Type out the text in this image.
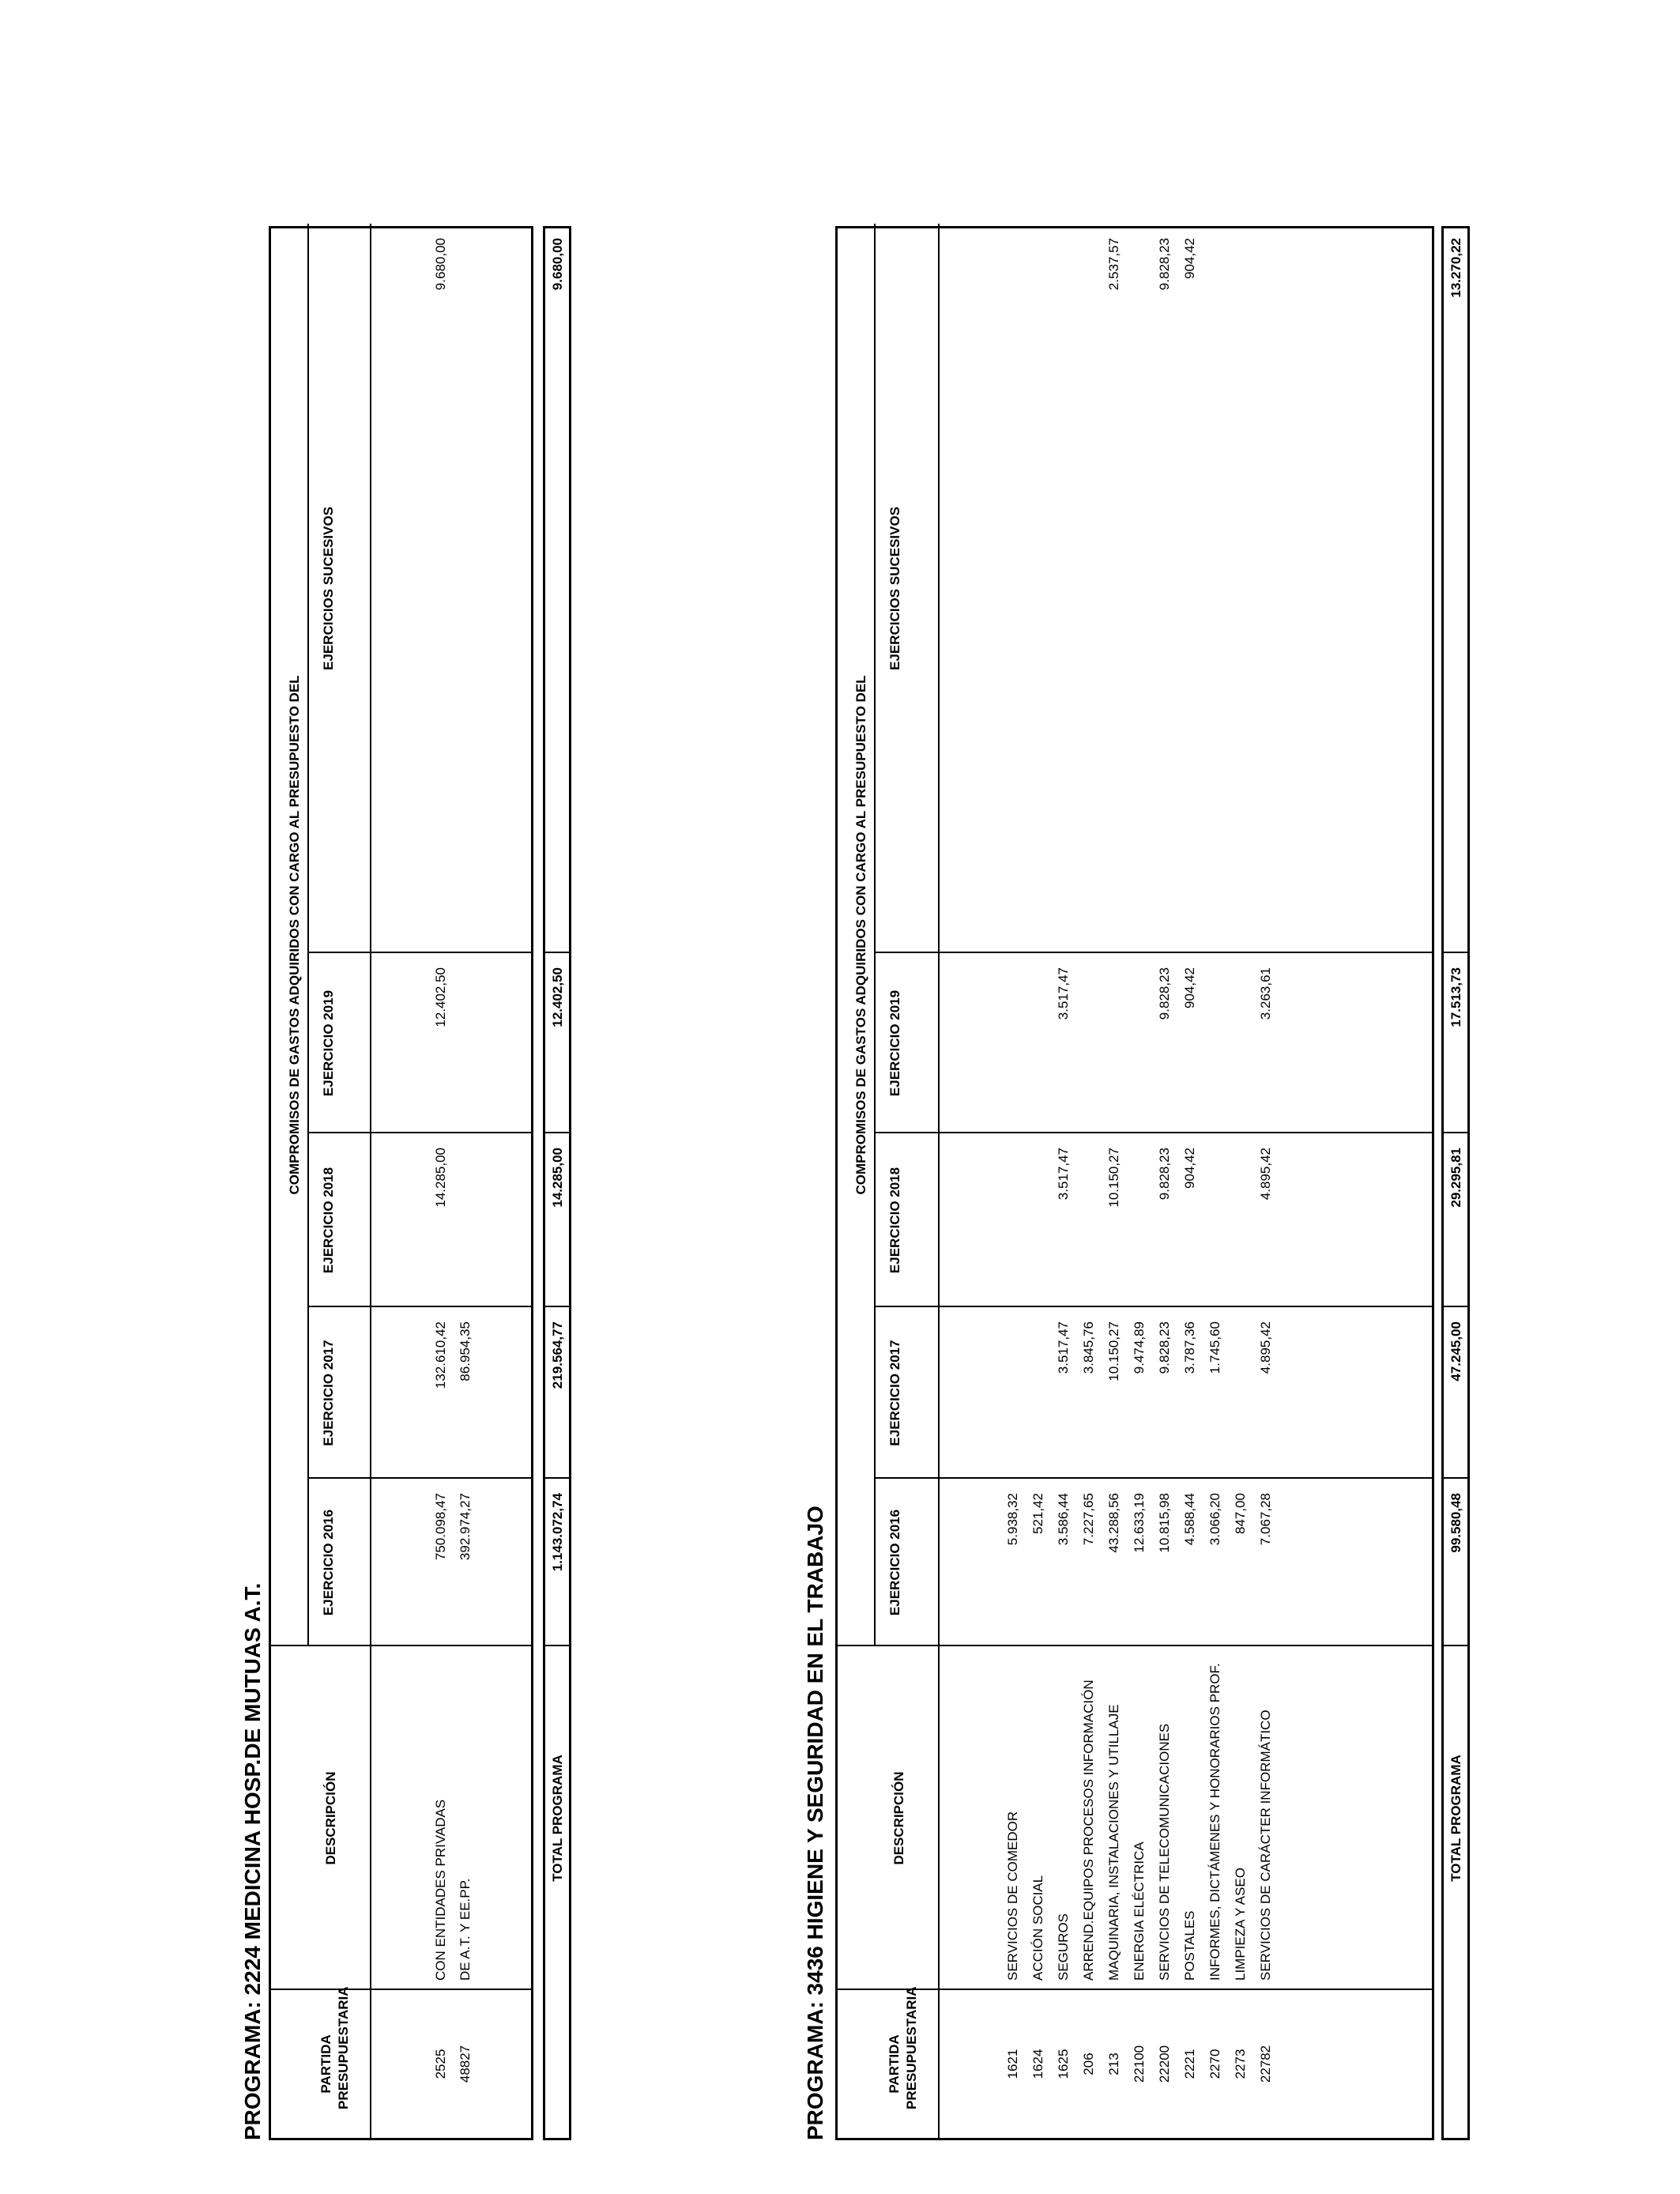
PROGRAMA: 2224 MEDICINA HOSP.DE MUTUAS A.T.
PARTIDA PRESUPUESTARIA
DESCRIPCIÓN
COMPROMISOS DE GASTOS ADQUIRIDOS CON CARGO AL PRESUPUESTO DEL
EJERCICIO 2016
EJERCICIO 2017
EJERCICIO 2018
EJERCICIO 2019
EJERCICIOS SUCESIVOS
2525
CON ENTIDADES PRIVADAS
750.098,47
132.610,42
14.285,00
12.402,50
9.680,00
48827
DE A.T. Y EE.PP.
392.974,27
86.954,35
TOTAL PROGRAMA
1.143.072,74
219.564,77
14.285,00
12.402,50
9.680,00
PROGRAMA: 3436 HIGIENE Y SEGURIDAD EN EL TRABAJO
PARTIDA PRESUPUESTARIA
DESCRIPCIÓN
COMPROMISOS DE GASTOS ADQUIRIDOS CON CARGO AL PRESUPUESTO DEL
EJERCICIO 2016
EJERCICIO 2017
EJERCICIO 2018
EJERCICIO 2019
EJERCICIOS SUCESIVOS
1621
SERVICIOS DE COMEDOR
5.938,32
1624
ACCIÓN SOCIAL
521,42
1625
SEGUROS
3.586,44
3.517,47
3.517,47
3.517,47
206
ARREND.EQUIPOS PROCESOS INFORMACIÓN
7.227,65
3.845,76
213
MAQUINARIA, INSTALACIONES Y UTILLAJE
43.288,56
10.150,27
10.150,27
2.537,57
22100
ENERGIA ELÉCTRICA
12.633,19
9.474,89
22200
SERVICIOS DE TELECOMUNICACIONES
10.815,98
9.828,23
9.828,23
9.828,23
9.828,23
2221
POSTALES
4.588,44
3.787,36
904,42
904,42
904,42
2270
INFORMES, DICTÁMENES Y HONORARIOS PROF.
3.066,20
1.745,60
2273
LIMPIEZA Y ASEO
847,00
22782
SERVICIOS DE CARÁCTER INFORMÁTICO
7.067,28
4.895,42
4.895,42
3.263,61
TOTAL PROGRAMA
99.580,48
47.245,00
29.295,81
17.513,73
13.270,22
